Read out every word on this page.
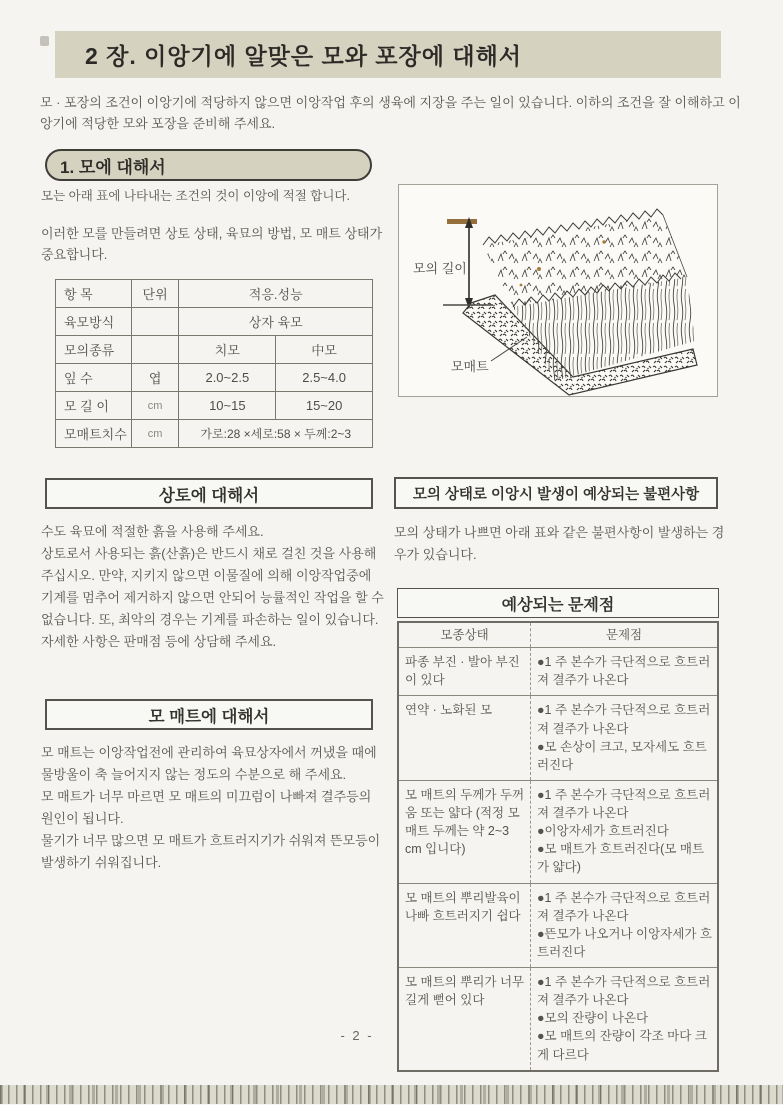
2 장. 이앙기에 알맞은 모와 포장에 대해서
모 · 포장의 조건이 이앙기에 적당하지 않으면 이앙작업 후의 생육에 지장을 주는 일이 있습니다. 이하의 조건을 잘 이해하고 이앙기에 적당한 모와 포장을 준비해 주세요.
1. 모에 대해서
모는 아래 표에 나타내는 조건의 것이 이앙에 적절 합니다.
이러한 모를 만들려면 상토 상태, 육묘의 방법, 모 매트 상태가 중요합니다.
항 목	단위	적응.성능	
육모방식		상자 육모	
모의종류		치모	中모
잎 수	엽	2.0~2.5	2.5~4.0
모 길 이	cm	10~15	15~20
모매트치수	cm	가로:28 ×세로:58 × 두께:2~3	
모의 길이
모매트
상토에 대해서
수도 육묘에 적절한 흙을 사용해 주세요.
상토로서 사용되는 흙(산흙)은 반드시 채로 걸친 것을 사용해 주십시오. 만약, 지키지 않으면 이물질에 의해 이앙작업중에 기계를 멈추어 제거하지 않으면 안되어 능률적인 작업을 할 수 없습니다. 또, 최악의 경우는 기계를 파손하는 일이 있습니다. 자세한 사항은 판매점 등에 상담해 주세요.
모 매트에 대해서
모 매트는 이앙작업전에 관리하여 육묘상자에서 꺼냈을 때에 물방울이 축 늘어지지 않는 정도의 수분으로 해 주세요.
모 매트가 너무 마르면 모 매트의 미끄럼이 나빠져 결주등의 원인이 됩니다.
물기가 너무 많으면 모 매트가 흐트러지기가 쉬워져 뜬모등이 발생하기 쉬워집니다.
모의 상태로 이앙시 발생이 예상되는 불편사항
모의 상태가 나쁘면 아래 표와 같은 불편사항이 발생하는 경우가 있습니다.
예상되는 문제점
모종상태	문제점
파종 부진 · 발아 부진이 있다	●1 주 본수가 극단적으로 흐트러져 결주가 나온다

연약 · 노화된 모	●1 주 본수가 극단적으로 흐트러져 결주가 나온다
●모 손상이 크고, 모자세도 흐트러진다

모 매트의 두께가 두꺼움 또는 얇다 (적정 모 매트 두께는 약 2~3 cm 입니다)	●1 주 본수가 극단적으로 흐트러져 결주가 나온다
●이앙자세가 흐트러진다
●모 매트가 흐트러진다(모 매트가 얇다)

모 매트의 뿌리발육이 나빠 흐트러지기 쉽다	●1 주 본수가 극단적으로 흐트러져 결주가 나온다
●뜬모가 나오거나 이앙자세가 흐트러진다

모 매트의 뿌리가 너무 길게 뻗어 있다	●1 주 본수가 극단적으로 흐트러져 결주가 나온다
●모의 잔량이 나온다
●모 매트의 잔량이 각조 마다 크게 다르다
- 2 -
